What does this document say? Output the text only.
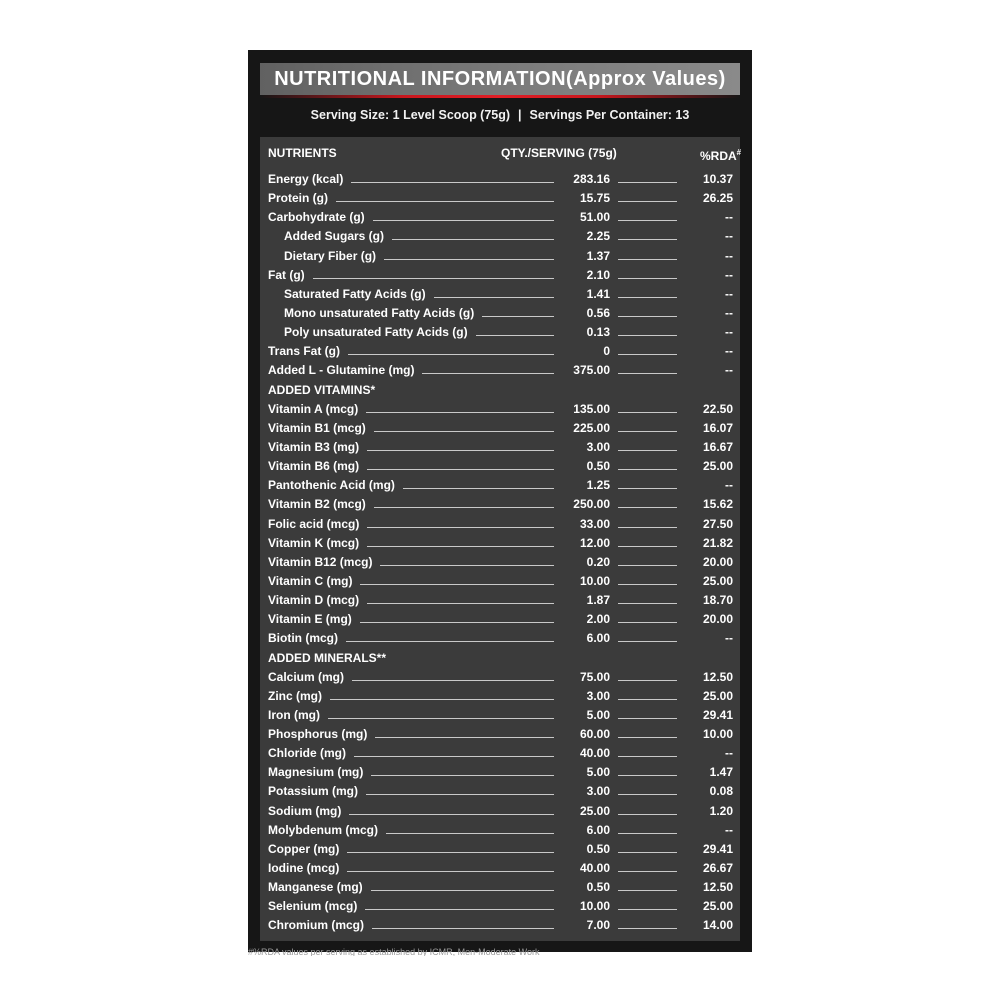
NUTRITIONAL INFORMATION(Approx Values)
Serving Size: 1 Level Scoop (75g) | Servings Per Container: 13
NUTRIENTS	QTY./SERVING (75g)	%RDA#
Energy (kcal)	283.16	10.37
Protein (g)	15.75	26.25
Carbohydrate (g)	51.00	--
Added Sugars (g)	2.25	--
Dietary Fiber (g)	1.37	--
Fat (g)	2.10	--
Saturated Fatty Acids (g)	1.41	--
Mono unsaturated Fatty Acids (g)	0.56	--
Poly unsaturated Fatty Acids (g)	0.13	--
Trans Fat (g)	0	--
Added L - Glutamine (mg)	375.00	--
ADDED VITAMINS*
Vitamin A (mcg)	135.00	22.50
Vitamin B1 (mcg)	225.00	16.07
Vitamin B3 (mg)	3.00	16.67
Vitamin B6 (mg)	0.50	25.00
Pantothenic Acid (mg)	1.25	--
Vitamin B2 (mcg)	250.00	15.62
Folic acid (mcg)	33.00	27.50
Vitamin K (mcg)	12.00	21.82
Vitamin B12 (mcg)	0.20	20.00
Vitamin C (mg)	10.00	25.00
Vitamin D (mcg)	1.87	18.70
Vitamin E (mg)	2.00	20.00
Biotin (mcg)	6.00	--
ADDED MINERALS**
Calcium (mg)	75.00	12.50
Zinc (mg)	3.00	25.00
Iron (mg)	5.00	29.41
Phosphorus (mg)	60.00	10.00
Chloride (mg)	40.00	--
Magnesium (mg)	5.00	1.47
Potassium (mg)	3.00	0.08
Sodium (mg)	25.00	1.20
Molybdenum (mcg)	6.00	--
Copper (mg)	0.50	29.41
Iodine (mcg)	40.00	26.67
Manganese (mg)	0.50	12.50
Selenium (mcg)	10.00	25.00
Chromium (mcg)	7.00	14.00
#%RDA values per serving as established by ICMR, Men-Moderate Work
